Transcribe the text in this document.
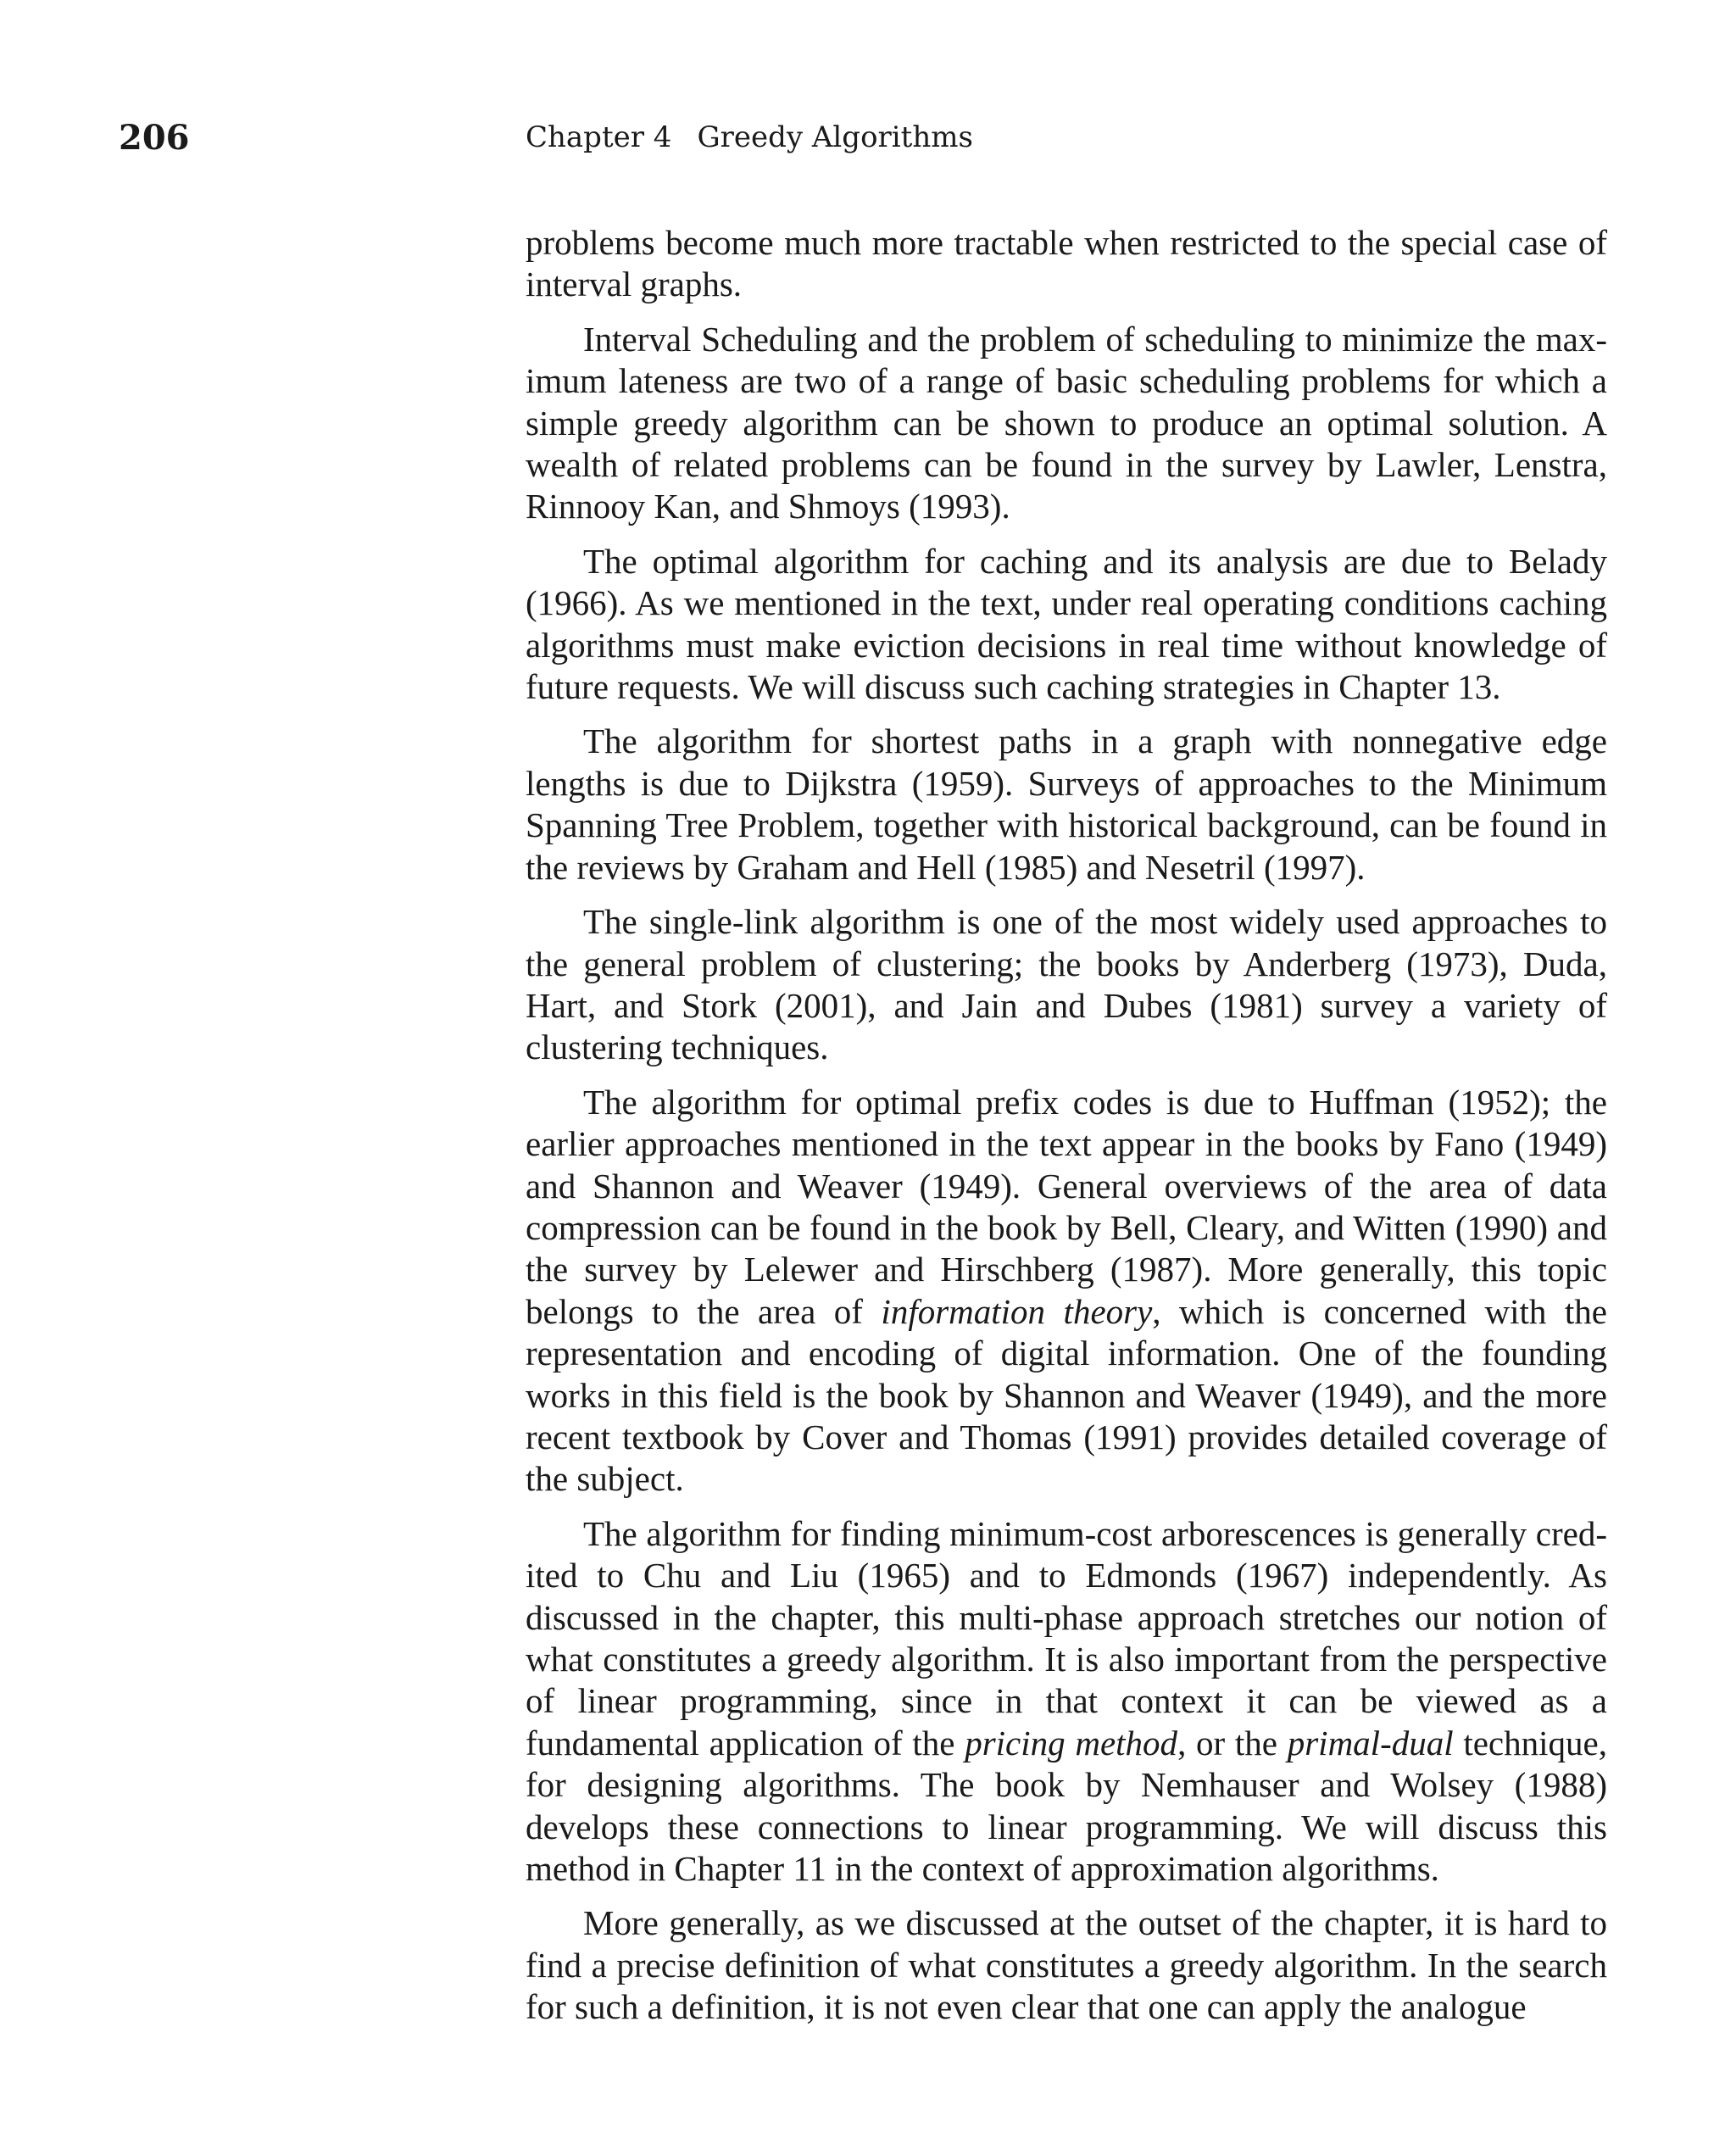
206	Chapter 4 Greedy Algorithms

problems become much more tractable when restricted to the special case of interval graphs.

Interval Scheduling and the problem of scheduling to minimize the maximum lateness are two of a range of basic scheduling problems for which a simple greedy algorithm can be shown to produce an optimal solution. A wealth of related problems can be found in the survey by Lawler, Lenstra, Rinnooy Kan, and Shmoys (1993).

The optimal algorithm for caching and its analysis are due to Belady (1966). As we mentioned in the text, under real operating conditions caching algorithms must make eviction decisions in real time without knowledge of future requests. We will discuss such caching strategies in Chapter 13.

The algorithm for shortest paths in a graph with nonnegative edge lengths is due to Dijkstra (1959). Surveys of approaches to the Minimum Spanning Tree Problem, together with historical background, can be found in the reviews by Graham and Hell (1985) and Nesetril (1997).

The single-link algorithm is one of the most widely used approaches to the general problem of clustering; the books by Anderberg (1973), Duda, Hart, and Stork (2001), and Jain and Dubes (1981) survey a variety of clustering techniques.

The algorithm for optimal prefix codes is due to Huffman (1952); the earlier approaches mentioned in the text appear in the books by Fano (1949) and Shannon and Weaver (1949). General overviews of the area of data compression can be found in the book by Bell, Cleary, and Witten (1990) and the survey by Lelewer and Hirschberg (1987). More generally, this topic belongs to the area of information theory, which is concerned with the representation and encoding of digital information. One of the founding works in this field is the book by Shannon and Weaver (1949), and the more recent textbook by Cover and Thomas (1991) provides detailed coverage of the subject.

The algorithm for finding minimum-cost arborescences is generally credited to Chu and Liu (1965) and to Edmonds (1967) independently. As discussed in the chapter, this multi-phase approach stretches our notion of what constitutes a greedy algorithm. It is also important from the perspective of linear programming, since in that context it can be viewed as a fundamental application of the pricing method, or the primal-dual technique, for designing algorithms. The book by Nemhauser and Wolsey (1988) develops these connections to linear programming. We will discuss this method in Chapter 11 in the context of approximation algorithms.

More generally, as we discussed at the outset of the chapter, it is hard to find a precise definition of what constitutes a greedy algorithm. In the search for such a definition, it is not even clear that one can apply the analogue
